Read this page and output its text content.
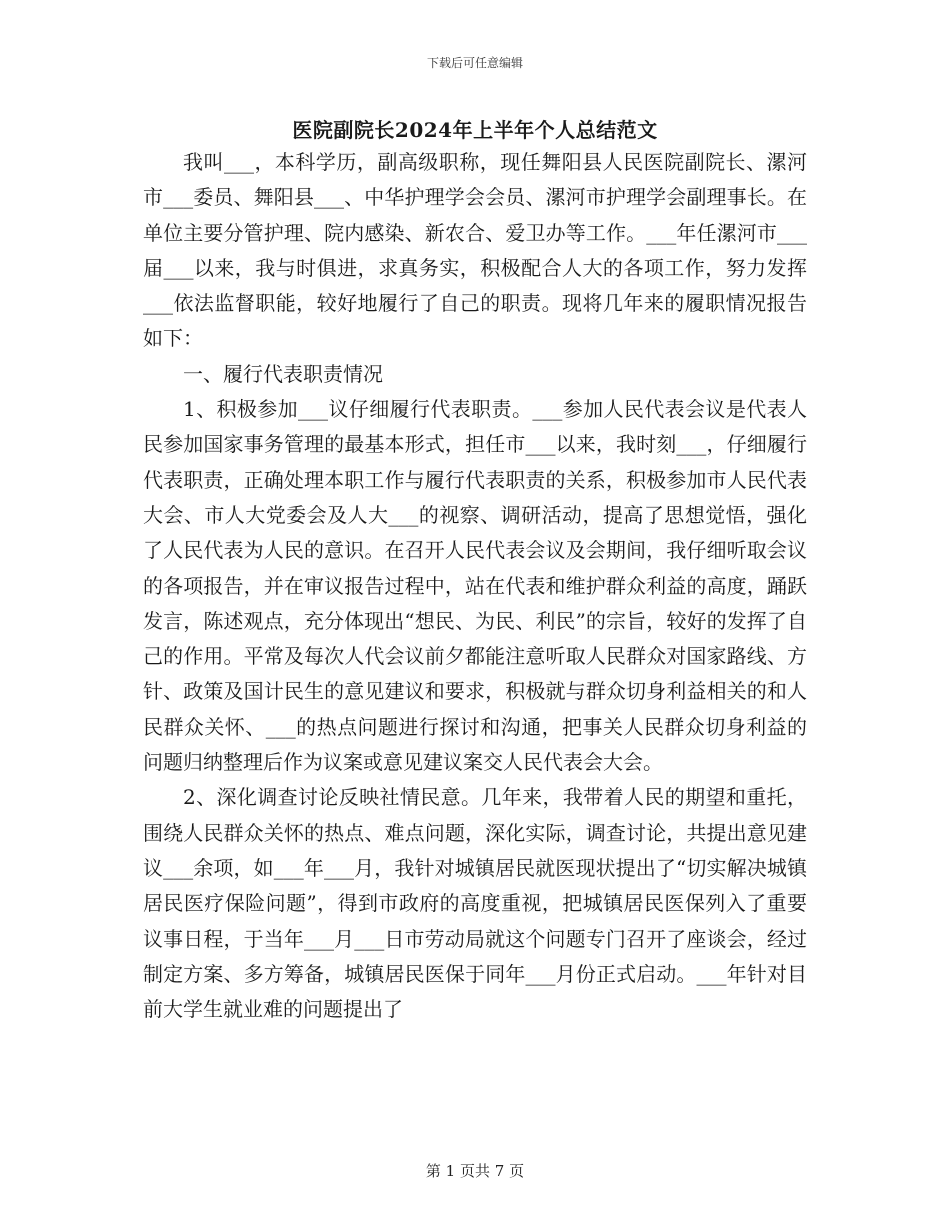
下载后可任意编辑
医院副院长2024年上半年个人总结范文

我叫___，本科学历，副高级职称，现任舞阳县人民医院副院长、漯河市___委员、舞阳县___、中华护理学会会员、漯河市护理学会副理事长。在单位主要分管护理、院内感染、新农合、爱卫办等工作。___年任漯河市___届___以来，我与时俱进，求真务实，积极配合人大的各项工作，努力发挥___依法监督职能，较好地履行了自己的职责。现将几年来的履职情况报告如下：

一、履行代表职责情况

1、积极参加___议仔细履行代表职责。___参加人民代表会议是代表人民参加国家事务管理的最基本形式，担任市___以来，我时刻___，仔细履行代表职责，正确处理本职工作与履行代表职责的关系，积极参加市人民代表大会、市人大党委会及人大___的视察、调研活动，提高了思想觉悟，强化了人民代表为人民的意识。在召开人民代表会议及会期间，我仔细听取会议的各项报告，并在审议报告过程中，站在代表和维护群众利益的高度，踊跃发言，陈述观点，充分体现出“想民、为民、利民”的宗旨，较好的发挥了自己的作用。平常及每次人代会议前夕都能注意听取人民群众对国家路线、方针、政策及国计民生的意见建议和要求，积极就与群众切身利益相关的和人民群众关怀、___的热点问题进行探讨和沟通，把事关人民群众切身利益的问题归纳整理后作为议案或意见建议案交人民代表会大会。

2、深化调查讨论反映社情民意。几年来，我带着人民的期望和重托，围绕人民群众关怀的热点、难点问题，深化实际，调查讨论，共提出意见建议___余项，如___年___月，我针对城镇居民就医现状提出了“切实解决城镇居民医疗保险问题”，得到市政府的高度重视，把城镇居民医保列入了重要议事日程，于当年___月___日市劳动局就这个问题专门召开了座谈会，经过制定方案、多方筹备，城镇居民医保于同年___月份正式启动。___年针对目前大学生就业难的问题提出了

第 1 页共 7 页
